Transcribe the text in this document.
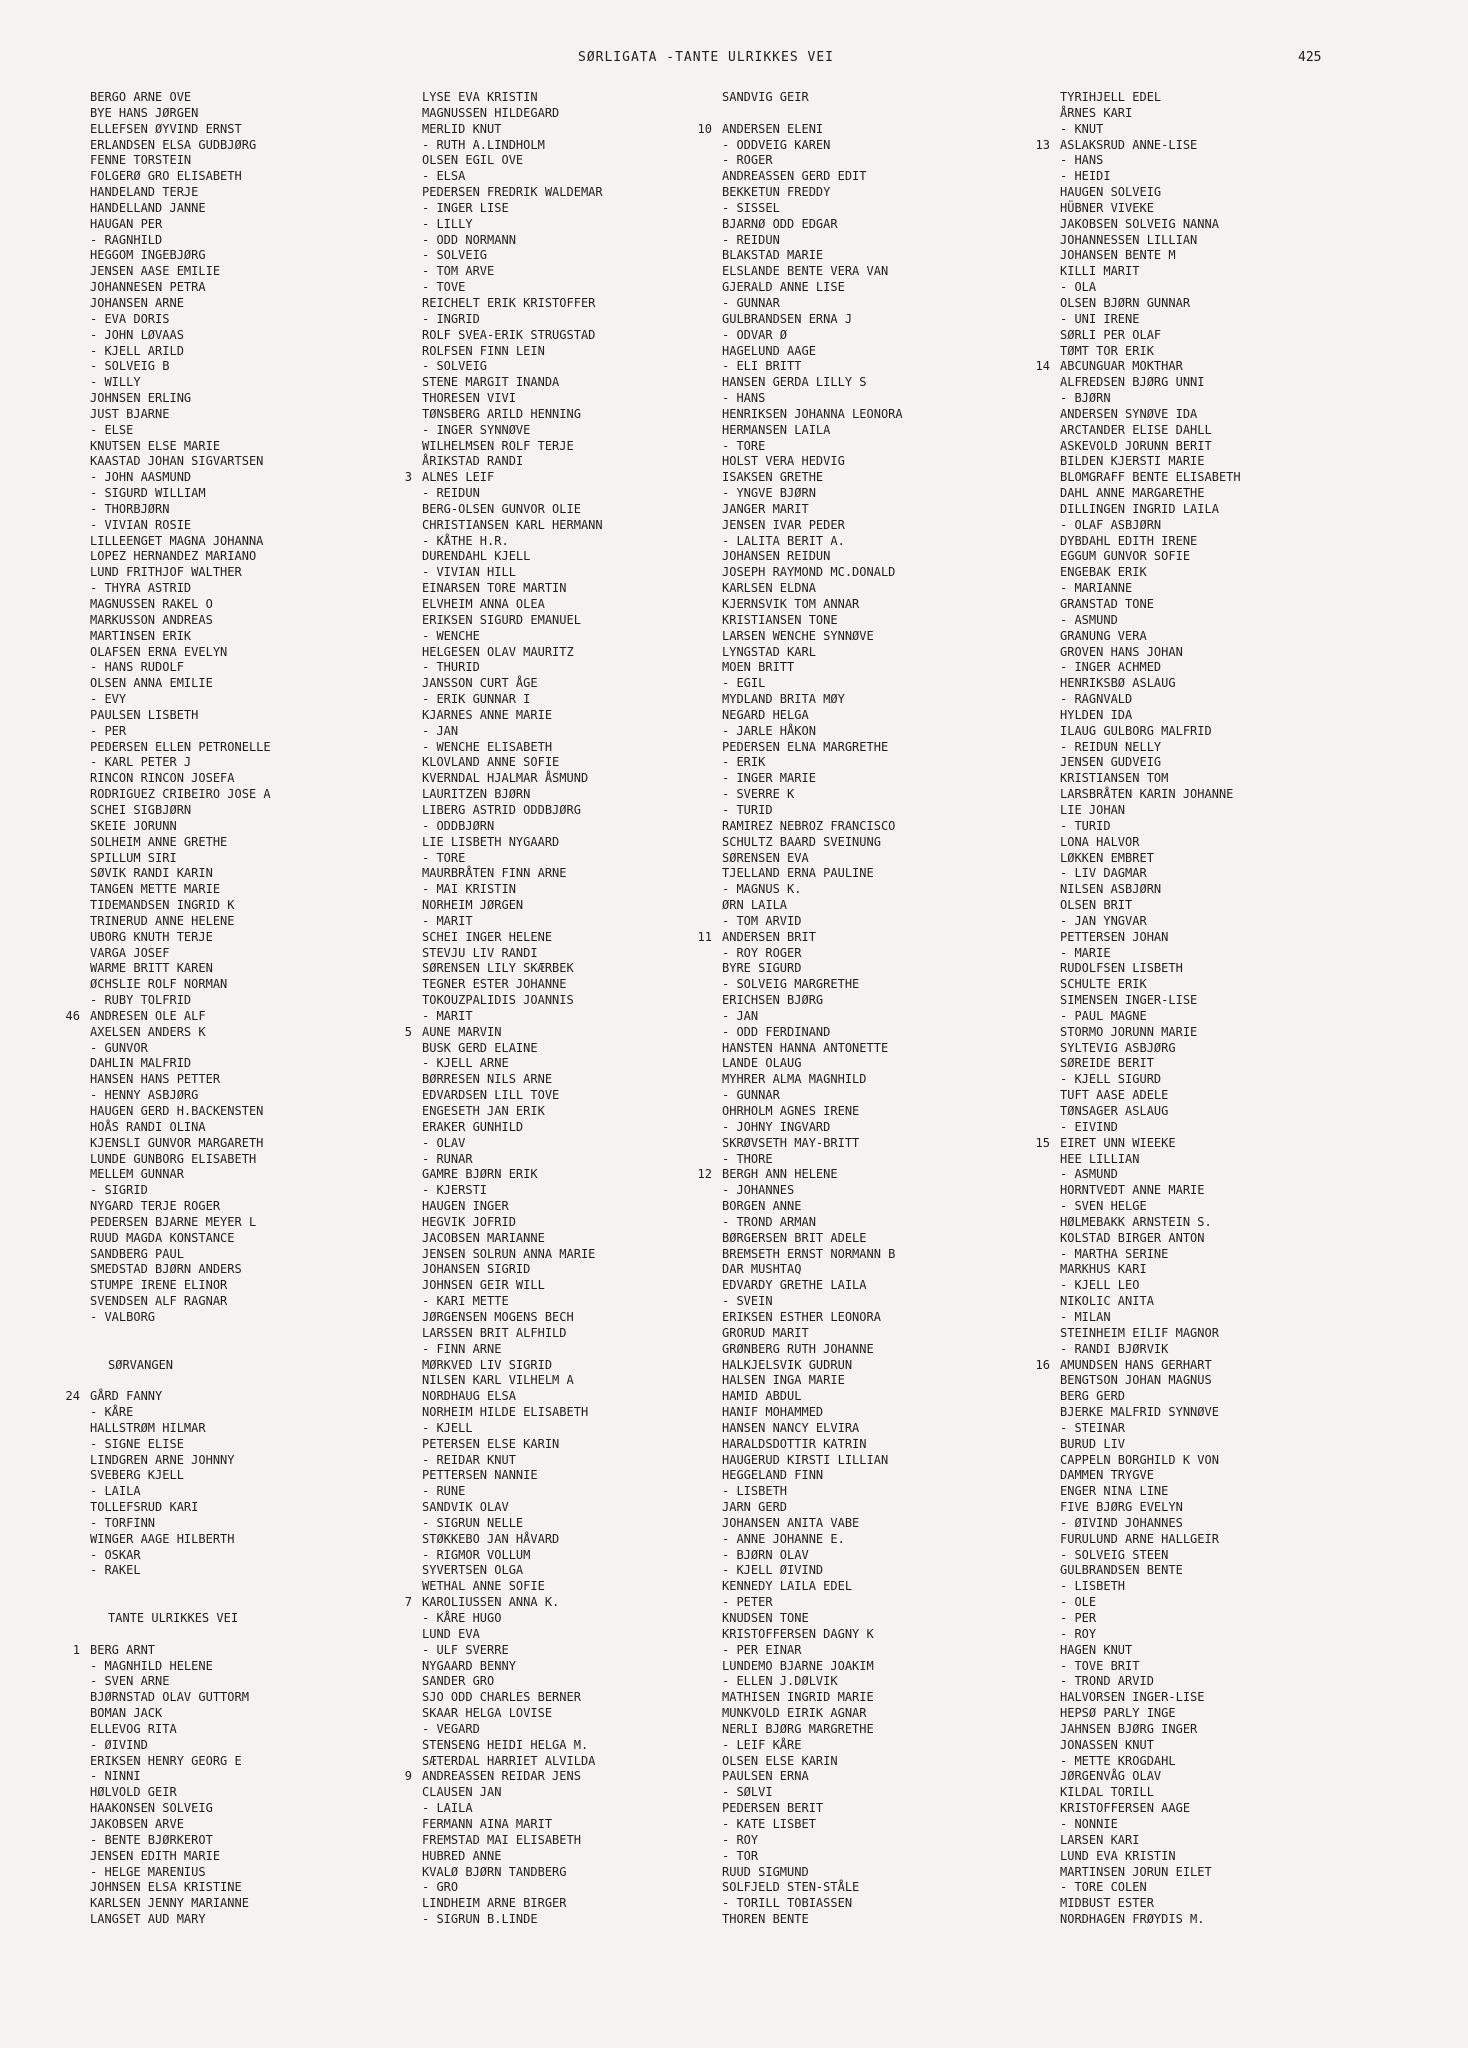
SØRLIGATA -TANTE ULRIKKES VEI	425
BERGO ARNE OVE
BYE HANS JØRGEN
ELLEFSEN ØYVIND ERNST
ERLANDSEN ELSA GUDBJØRG
FENNE TORSTEIN
FOLGERØ GRO ELISABETH
HANDELAND TERJE
HANDELLAND JANNE
HAUGAN PER
- RAGNHILD
HEGGOM INGEBJØRG
JENSEN AASE EMILIE
JOHANNESEN PETRA
JOHANSEN ARNE
- EVA DORIS
- JOHN LØVAAS
- KJELL ARILD
- SOLVEIG B
- WILLY
JOHNSEN ERLING
JUST BJARNE
- ELSE
KNUTSEN ELSE MARIE
KAASTAD JOHAN SIGVARTSEN
- JOHN AASMUND
- SIGURD WILLIAM
- THORBJØRN
- VIVIAN ROSIE
LILLEENGET MAGNA JOHANNA
LOPEZ HERNANDEZ MARIANO
LUND FRITHJOF WALTHER
- THYRA ASTRID
MAGNUSSEN RAKEL O
MARKUSSON ANDREAS
MARTINSEN ERIK
OLAFSEN ERNA EVELYN
- HANS RUDOLF
OLSEN ANNA EMILIE
- EVY
PAULSEN LISBETH
- PER
PEDERSEN ELLEN PETRONELLE
- KARL PETER J
RINCON RINCON JOSEFA
RODRIGUEZ CRIBEIRO JOSE A
SCHEI SIGBJØRN
SKEIE JORUNN
SOLHEIM ANNE GRETHE
SPILLUM SIRI
SØVIK RANDI KARIN
TANGEN METTE MARIE
TIDEMANDSEN INGRID K
TRINERUD ANNE HELENE
UBORG KNUTH TERJE
VARGA JOSEF
WARME BRITT KAREN
ØCHSLIE ROLF NORMAN
- RUBY TOLFRID
46 ANDRESEN OLE ALF
AXELSEN ANDERS K
- GUNVOR
DAHLIN MALFRID
HANSEN HANS PETTER
- HENNY ASBJØRG
HAUGEN GERD H.BACKENSTEN
HOÅS RANDI OLINA
KJENSLI GUNVOR MARGARETH
LUNDE GUNBORG ELISABETH
MELLEM GUNNAR
- SIGRID
NYGARD TERJE ROGER
PEDERSEN BJARNE MEYER L
RUUD MAGDA KONSTANCE
SANDBERG PAUL
SMEDSTAD BJØRN ANDERS
STUMPE IRENE ELINOR
SVENDSEN ALF RAGNAR
- VALBORG
SØRVANGEN
24 GÅRD FANNY
- KÅRE
HALLSTRØM HILMAR
- SIGNE ELISE
LINDGREN ARNE JOHNNY
SVEBERG KJELL
- LAILA
TOLLEFSRUD KARI
- TORFINN
WINGER AAGE HILBERTH
- OSKAR
- RAKEL
TANTE ULRIKKES VEI
1 BERG ARNT
- MAGNHILD HELENE
- SVEN ARNE
BJØRNSTAD OLAV GUTTORM
BOMAN JACK
ELLEVOG RITA
- ØIVIND
ERIKSEN HENRY GEORG E
- NINNI
HØLVOLD GEIR
HAAKONSEN SOLVEIG
JAKOBSEN ARVE
- BENTE BJØRKEROT
JENSEN EDITH MARIE
- HELGE MARENIUS
JOHNSEN ELSA KRISTINE
KARLSEN JENNY MARIANNE
LANGSET AUD MARY
LYSE EVA KRISTIN
MAGNUSSEN HILDEGARD
MERLID KNUT
- RUTH A.LINDHOLM
OLSEN EGIL OVE
- ELSA
PEDERSEN FREDRIK WALDEMAR
- INGER LISE
- LILLY
- ODD NORMANN
- SOLVEIG
- TOM ARVE
- TOVE
REICHELT ERIK KRISTOFFER
- INGRID
ROLF SVEA-ERIK STRUGSTAD
ROLFSEN FINN LEIN
- SOLVEIG
STENE MARGIT INANDA
THORESEN VIVI
TØNSBERG ARILD HENNING
- INGER SYNNØVE
WILHELMSEN ROLF TERJE
ÅRIKSTAD RANDI
3 ALNES LEIF
- REIDUN
BERG-OLSEN GUNVOR OLIE
CHRISTIANSEN KARL HERMANN
- KÅTHE H.R.
DURENDAHL KJELL
- VIVIAN HILL
EINARSEN TORE MARTIN
ELVHEIM ANNA OLEA
ERIKSEN SIGURD EMANUEL
- WENCHE
HELGESEN OLAV MAURITZ
- THURID
JANSSON CURT ÅGE
- ERIK GUNNAR I
KJARNES ANNE MARIE
- JAN
- WENCHE ELISABETH
KLOVLAND ANNE SOFIE
KVERNDAL HJALMAR ÅSMUND
LAURITZEN BJØRN
LIBERG ASTRID ODDBJØRG
- ODDBJØRN
LIE LISBETH NYGAARD
- TORE
MAURBRÅTEN FINN ARNE
- MAI KRISTIN
NORHEIM JØRGEN
- MARIT
SCHEI INGER HELENE
STEVJU LIV RANDI
SØRENSEN LILY SKÆRBEK
TEGNER ESTER JOHANNE
TOKOUZPALIDIS JOANNIS
- MARIT
5 AUNE MARVIN
BUSK GERD ELAINE
- KJELL ARNE
BØRRESEN NILS ARNE
EDVARDSEN LILL TOVE
ENGESETH JAN ERIK
ERAKER GUNHILD
- OLAV
- RUNAR
GAMRE BJØRN ERIK
- KJERSTI
HAUGEN INGER
HEGVIK JOFRID
JACOBSEN MARIANNE
JENSEN SOLRUN ANNA MARIE
JOHANSEN SIGRID
JOHNSEN GEIR WILL
- KARI METTE
JØRGENSEN MOGENS BECH
LARSSEN BRIT ALFHILD
- FINN ARNE
MØRKVED LIV SIGRID
NILSEN KARL VILHELM A
NORDHAUG ELSA
NORHEIM HILDE ELISABETH
- KJELL
PETERSEN ELSE KARIN
- REIDAR KNUT
PETTERSEN NANNIE
- RUNE
SANDVIK OLAV
- SIGRUN NELLE
STØKKEBO JAN HÅVARD
- RIGMOR VOLLUM
SYVERTSEN OLGA
WETHAL ANNE SOFIE
7 KAROLIUSSEN ANNA K.
- KÅRE HUGO
LUND EVA
- ULF SVERRE
NYGAARD BENNY
SANDER GRO
SJO ODD CHARLES BERNER
SKAAR HELGA LOVISE
- VEGARD
STENSENG HEIDI HELGA M.
SÆTERDAL HARRIET ALVILDA
9 ANDREASSEN REIDAR JENS
CLAUSEN JAN
- LAILA
FERMANN AINA MARIT
FREMSTAD MAI ELISABETH
HUBRED ANNE
KVALØ BJØRN TANDBERG
- GRO
LINDHEIM ARNE BIRGER
- SIGRUN B.LINDE
SANDVIG GEIR
10 ANDERSEN ELENI
- ODDVEIG KAREN
- ROGER
ANDREASSEN GERD EDIT
BEKKETUN FREDDY
- SISSEL
BJARNØ ODD EDGAR
- REIDUN
BLAKSTAD MARIE
ELSLANDE BENTE VERA VAN
GJERALD ANNE LISE
- GUNNAR
GULBRANDSEN ERNA J
- ODVAR Ø
HAGELUND AAGE
- ELI BRITT
HANSEN GERDA LILLY S
- HANS
HENRIKSEN JOHANNA LEONORA
HERMANSEN LAILA
- TORE
HOLST VERA HEDVIG
ISAKSEN GRETHE
- YNGVE BJØRN
JANGER MARIT
JENSEN IVAR PEDER
- LALITA BERIT A.
JOHANSEN REIDUN
JOSEPH RAYMOND MC.DONALD
KARLSEN ELDNA
KJERNSVIK TOM ANNAR
KRISTIANSEN TONE
LARSEN WENCHE SYNNØVE
LYNGSTAD KARL
MOEN BRITT
- EGIL
MYDLAND BRITA MØY
NEGARD HELGA
- JARLE HÅKON
PEDERSEN ELNA MARGRETHE
- ERIK
- INGER MARIE
- SVERRE K
- TURID
RAMIREZ NEBROZ FRANCISCO
SCHULTZ BAARD SVEINUNG
SØRENSEN EVA
TJELLAND ERNA PAULINE
- MAGNUS K.
ØRN LAILA
- TOM ARVID
11 ANDERSEN BRIT
- ROY ROGER
BYRE SIGURD
- SOLVEIG MARGRETHE
ERICHSEN BJØRG
- JAN
- ODD FERDINAND
HANSTEN HANNA ANTONETTE
LANDE OLAUG
MYHRER ALMA MAGNHILD
- GUNNAR
OHRHOLM AGNES IRENE
- JOHNY INGVARD
SKRØVSETH MAY-BRITT
- THORE
12 BERGH ANN HELENE
- JOHANNES
BORGEN ANNE
- TROND ARMAN
BØRGERSEN BRIT ADELE
BREMSETH ERNST NORMANN B
DAR MUSHTAQ
EDVARDY GRETHE LAILA
- SVEIN
ERIKSEN ESTHER LEONORA
GRORUD MARIT
GRØNBERG RUTH JOHANNE
HALKJELSVIK GUDRUN
HALSEN INGA MARIE
HAMID ABDUL
HANIF MOHAMMED
HANSEN NANCY ELVIRA
HARALDSDOTTIR KATRIN
HAUGERUD KIRSTI LILLIAN
HEGGELAND FINN
- LISBETH
JARN GERD
JOHANSEN ANITA VABE
- ANNE JOHANNE E.
- BJØRN OLAV
- KJELL ØIVIND
KENNEDY LAILA EDEL
- PETER
KNUDSEN TONE
KRISTOFFERSEN DAGNY K
- PER EINAR
LUNDEMO BJARNE JOAKIM
- ELLEN J.DØLVIK
MATHISEN INGRID MARIE
MUNKVOLD EIRIK AGNAR
NERLI BJØRG MARGRETHE
- LEIF KÅRE
OLSEN ELSE KARIN
PAULSEN ERNA
- SØLVI
PEDERSEN BERIT
- KATE LISBET
- ROY
- TOR
RUUD SIGMUND
SOLFJELD STEN-STÅLE
- TORILL TOBIASSEN
THOREN BENTE
TYRIHJELL EDEL
ÅRNES KARI
- KNUT
13 ASLAKSRUD ANNE-LISE
- HANS
- HEIDI
HAUGEN SOLVEIG
HÜBNER VIVEKE
JAKOBSEN SOLVEIG NANNA
JOHANNESSEN LILLIAN
JOHANSEN BENTE M
KILLI MARIT
- OLA
OLSEN BJØRN GUNNAR
- UNI IRENE
SØRLI PER OLAF
TØMT TOR ERIK
14 ABCUNGUAR MOKTHAR
ALFREDSEN BJØRG UNNI
- BJØRN
ANDERSEN SYNØVE IDA
ARCTANDER ELISE DAHLL
ASKEVOLD JORUNN BERIT
BILDEN KJERSTI MARIE
BLOMGRAFF BENTE ELISABETH
DAHL ANNE MARGARETHE
DILLINGEN INGRID LAILA
- OLAF ASBJØRN
DYBDAHL EDITH IRENE
EGGUM GUNVOR SOFIE
ENGEBAK ERIK
- MARIANNE
GRANSTAD TONE
- ASMUND
GRANUNG VERA
GROVEN HANS JOHAN
- INGER ACHMED
HENRIKSBØ ASLAUG
- RAGNVALD
HYLDEN IDA
ILAUG GULBORG MALFRID
- REIDUN NELLY
JENSEN GUDVEIG
KRISTIANSEN TOM
LARSBRÅTEN KARIN JOHANNE
LIE JOHAN
- TURID
LONA HALVOR
LØKKEN EMBRET
- LIV DAGMAR
NILSEN ASBJØRN
OLSEN BRIT
- JAN YNGVAR
PETTERSEN JOHAN
- MARIE
RUDOLFSEN LISBETH
SCHULTE ERIK
SIMENSEN INGER-LISE
- PAUL MAGNE
STORMO JORUNN MARIE
SYLTEVIG ASBJØRG
SØREIDE BERIT
- KJELL SIGURD
TUFT AASE ADELE
TØNSAGER ASLAUG
- EIVIND
15 EIRET UNN WIEEKE
HEE LILLIAN
- ASMUND
HORNTVEDT ANNE MARIE
- SVEN HELGE
HØLMEBAKK ARNSTEIN S.
KOLSTAD BIRGER ANTON
- MARTHA SERINE
MARKHUS KARI
- KJELL LEO
NIKOLIC ANITA
- MILAN
STEINHEIM EILIF MAGNOR
- RANDI BJØRVIK
16 AMUNDSEN HANS GERHART
BENGTSON JOHAN MAGNUS
BERG GERD
BJERKE MALFRID SYNNØVE
- STEINAR
BURUD LIV
CAPPELN BORGHILD K VON
DAMMEN TRYGVE
ENGER NINA LINE
FIVE BJØRG EVELYN
- ØIVIND JOHANNES
FURULUND ARNE HALLGEIR
- SOLVEIG STEEN
GULBRANDSEN BENTE
- LISBETH
- OLE
- PER
- ROY
HAGEN KNUT
- TOVE BRIT
- TROND ARVID
HALVORSEN INGER-LISE
HEPSØ PARLY INGE
JAHNSEN BJØRG INGER
JONASSEN KNUT
- METTE KROGDAHL
JØRGENVÅG OLAV
KILDAL TORILL
KRISTOFFERSEN AAGE
- NONNIE
LARSEN KARI
LUND EVA KRISTIN
MARTINSEN JORUN EILET
- TORE COLEN
MIDBUST ESTER
NORDHAGEN FRØYDIS M.
